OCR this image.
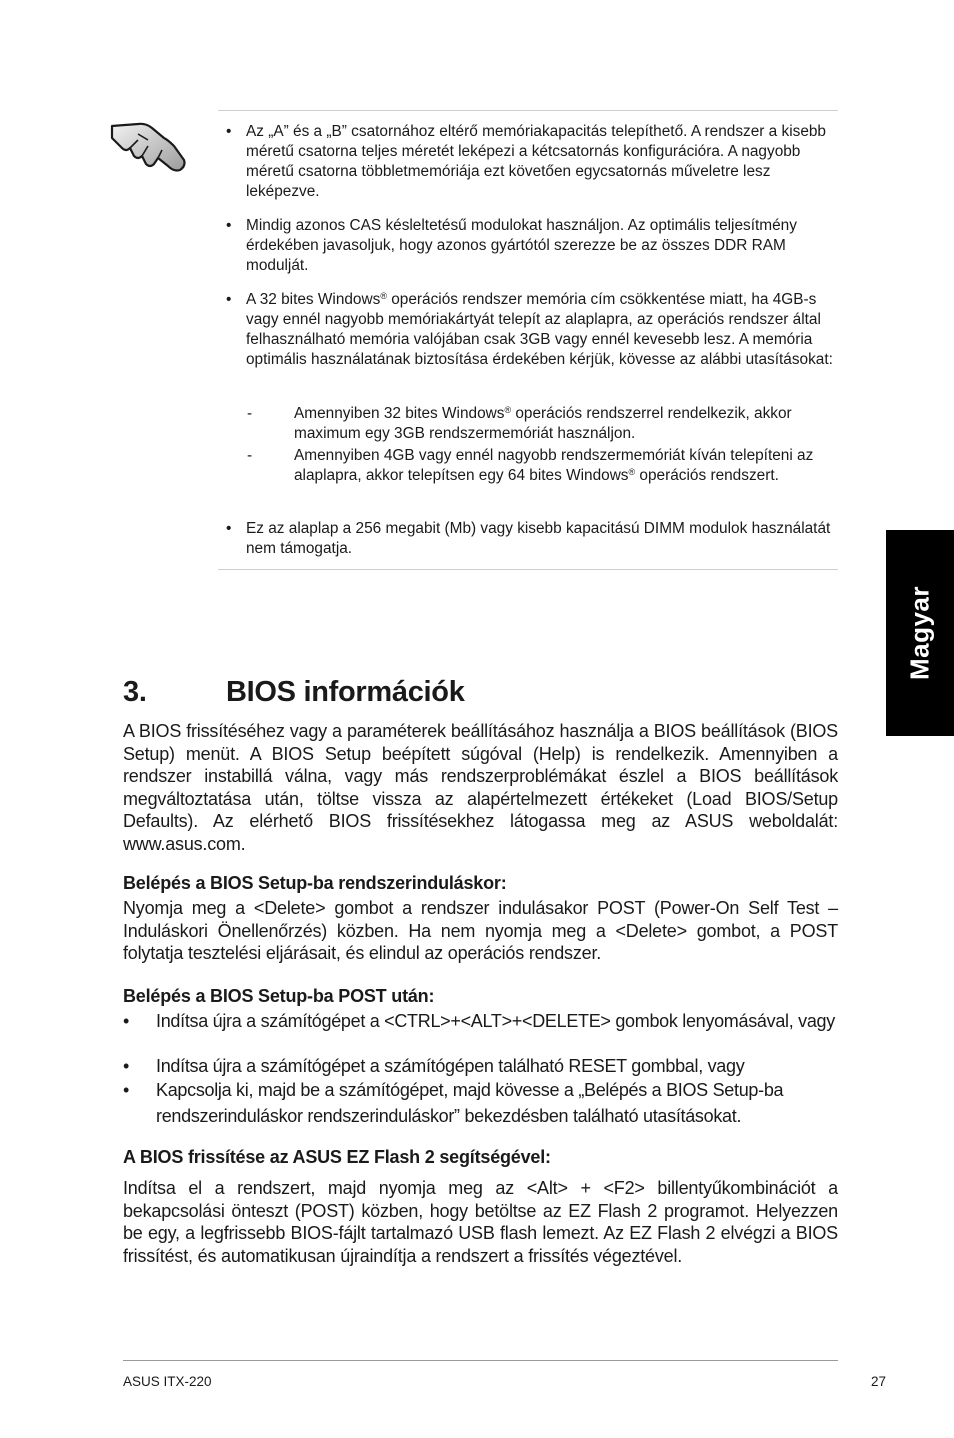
• Az „A” és a „B” csatornához eltérő memóriakapacitás telepíthető. A rendszer a kisebb méretű csatorna teljes méretét leképezi a kétcsatornás konfigurációra. A nagyobb méretű csatorna többletmemóriája ezt követően egycsatornás műveletre lesz leképezve.
• Mindig azonos CAS késleltetésű modulokat használjon. Az optimális teljesítmény érdekében javasoljuk, hogy azonos gyártótól szerezze be az összes DDR RAM modulját.
• A 32 bites Windows® operációs rendszer memória cím csökkentése miatt, ha 4GB-s vagy ennél nagyobb memóriakártyát telepít az alaplapra, az operációs rendszer által felhasználható memória valójában csak 3GB vagy ennél kevesebb lesz. A memória optimális használatának biztosítása érdekében kérjük, kövesse az alábbi utasításokat:
• Ez az alaplap a 256 megabit (Mb) vagy kisebb kapacitású DIMM modulok használatát nem támogatja.
- Amennyiben 32 bites Windows® operációs rendszerrel rendelkezik, akkor maximum egy 3GB rendszermemóriát használjon.
- Amennyiben 4GB vagy ennél nagyobb rendszermemóriát kíván telepíteni az alaplapra, akkor telepítsen egy 64 bites Windows® operációs rendszert.
Magyar
3.	BIOS információk

A BIOS frissítéséhez vagy a paraméterek beállításához használja a BIOS beállítások (BIOS Setup) menüt. A BIOS Setup beépített súgóval (Help) is rendelkezik. Amennyiben a rendszer instabillá válna, vagy más rendszerproblémákat észlel a BIOS beállítások megváltoztatása után, töltse vissza az alapértelmezett értékeket (Load BIOS/Setup Defaults). Az elérhető BIOS frissítésekhez látogassa meg az ASUS weboldalát: www.asus.com.

Belépés a BIOS Setup-ba rendszerinduláskor:

Nyomja meg a <Delete> gombot a rendszer indulásakor POST (Power-On Self Test – Induláskori Önellenőrzés) közben. Ha nem nyomja meg a <Delete> gombot, a POST folytatja tesztelési eljárásait, és elindul az operációs rendszer.

Belépés a BIOS Setup-ba POST után:
• Indítsa újra a számítógépet a <CTRL>+<ALT>+<DELETE> gombok lenyomásával, vagy
• Indítsa újra a számítógépet a számítógépen található RESET gombbal, vagy
• Kapcsolja ki, majd be a számítógépet, majd kövesse a „Belépés a BIOS Setup-ba rendszerinduláskor rendszerinduláskor” bekezdésben található utasításokat.
A BIOS frissítése az ASUS EZ Flash 2 segítségével:

Indítsa el a rendszert, majd nyomja meg az <Alt> + <F2> billentyűkombinációt a bekapcsolási önteszt (POST) közben, hogy betöltse az EZ Flash 2 programot. Helyezzen be egy, a legfrissebb BIOS-fájlt tartalmazó USB flash lemezt. Az EZ Flash 2 elvégzi a BIOS frissítést, és automatikusan újraindítja a rendszert a frissítés végeztével.

ASUS ITX-220	27
